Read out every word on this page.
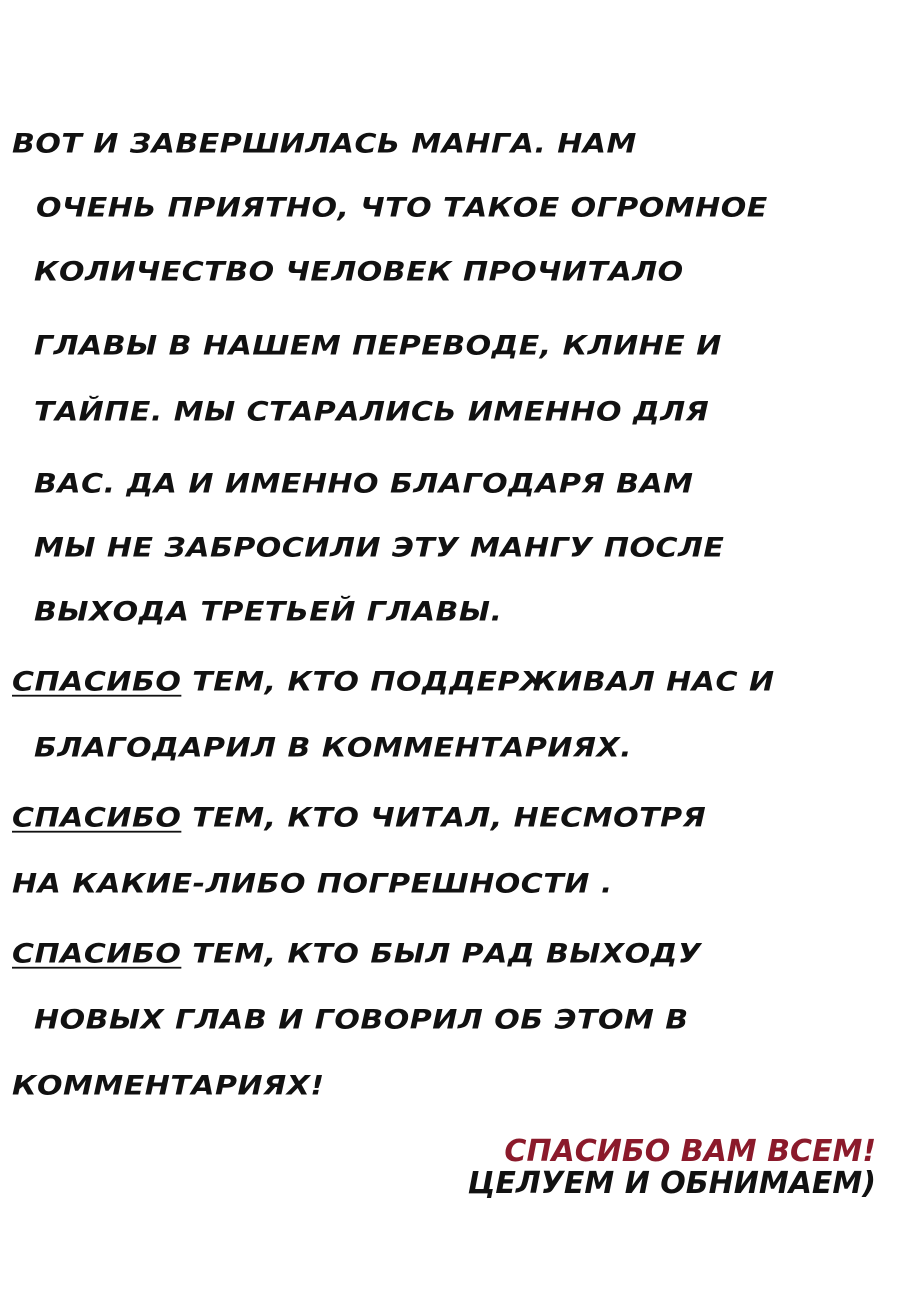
ВОТ И ЗАВЕРШИЛАСЬ МАНГА. НАМ
ОЧЕНЬ ПРИЯТНО, ЧТО ТАКОЕ ОГРОМНОЕ
КОЛИЧЕСТВО ЧЕЛОВЕК ПРОЧИТАЛО
ГЛАВЫ В НАШЕМ ПЕРЕВОДЕ, КЛИНЕ И
ТАЙПЕ. МЫ СТАРАЛИСЬ ИМЕННО ДЛЯ
ВАС. ДА И ИМЕННО БЛАГОДАРЯ ВАМ
МЫ НЕ ЗАБРОСИЛИ ЭТУ МАНГУ ПОСЛЕ
ВЫХОДА ТРЕТЬЕЙ ГЛАВЫ.
СПАСИБО ТЕМ, КТО ПОДДЕРЖИВАЛ НАС И
БЛАГОДАРИЛ В КОММЕНТАРИЯХ.
СПАСИБО ТЕМ, КТО ЧИТАЛ, НЕСМОТРЯ
НА КАКИЕ-ЛИБО ПОГРЕШНОСТИ .
СПАСИБО ТЕМ, КТО БЫЛ РАД ВЫХОДУ
НОВЫХ ГЛАВ И ГОВОРИЛ ОБ ЭТОМ В
КОММЕНТАРИЯХ!
СПАСИБО ВАМ ВСЕМ!
ЦЕЛУЕМ И ОБНИМАЕМ)
